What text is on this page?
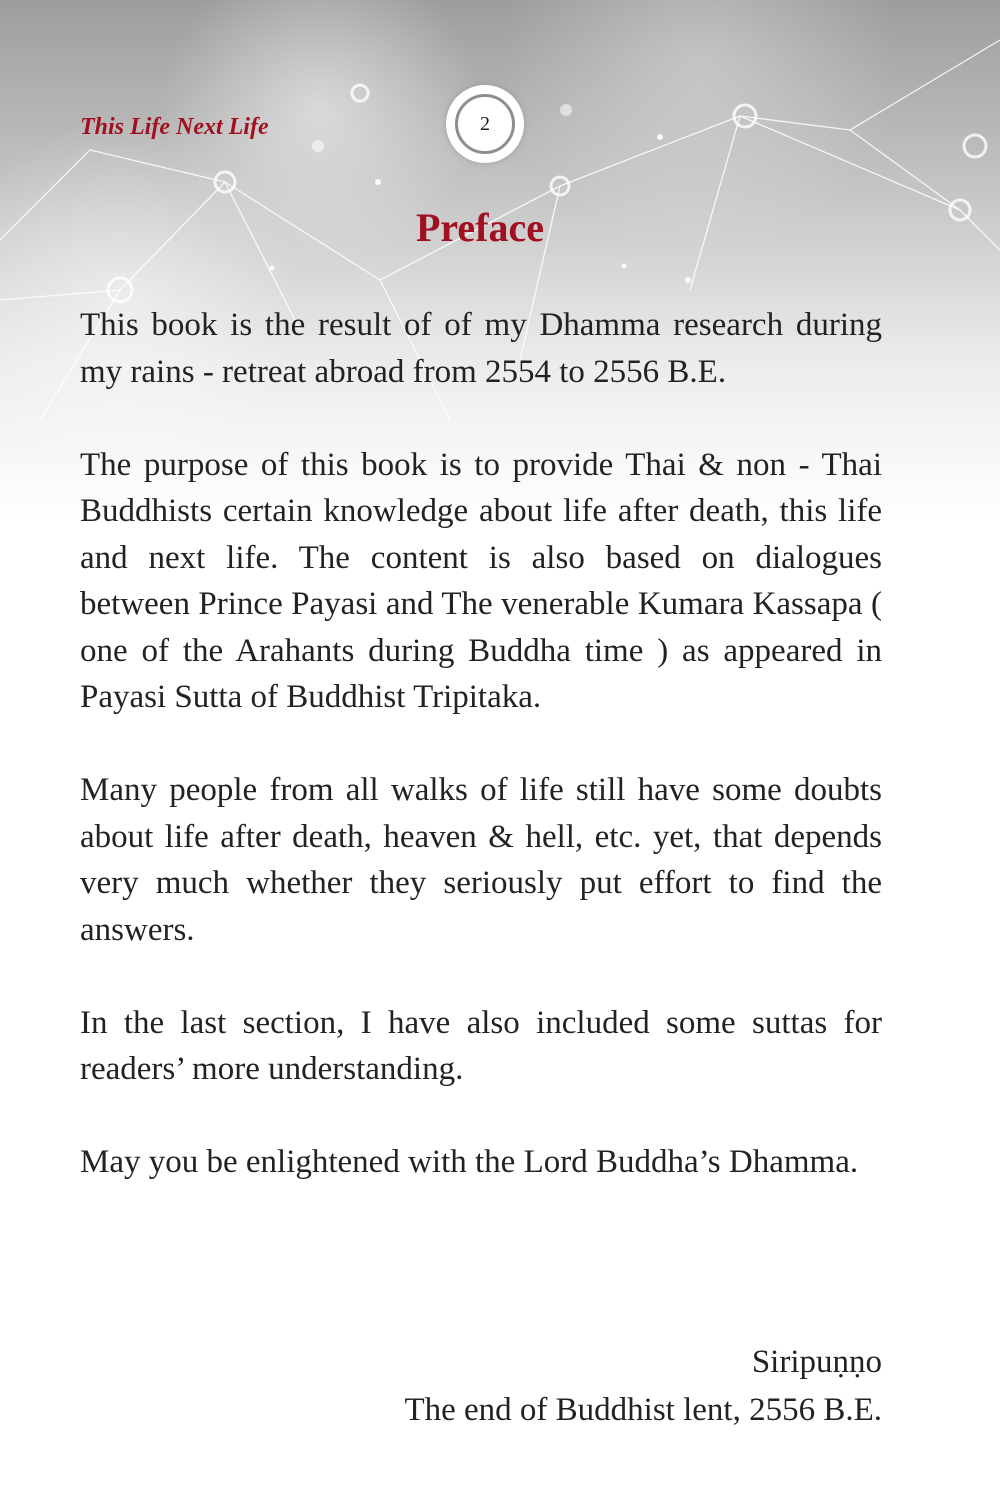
This Life Next Life	2
Preface

This book is the result of of my Dhamma research during my rains - retreat abroad from 2554 to 2556 B.E.

The purpose of this book is to provide Thai & non - Thai Buddhists certain knowledge about life after death, this life and next life. The content is also based on dialogues between Prince Payasi and The venerable Kumara Kassapa ( one of the Arahants during Buddha time ) as appeared in Payasi Sutta of Buddhist Tripitaka.

Many people from all walks of life still have some doubts about life after death, heaven & hell, etc. yet, that depends very much whether they seriously put effort to find the answers.

In the last section, I have also included some suttas for readers’ more understanding.

May you be enlightened with the Lord Buddha’s Dhamma.

Siripuṇṇo
The end of Buddhist lent, 2556 B.E.
